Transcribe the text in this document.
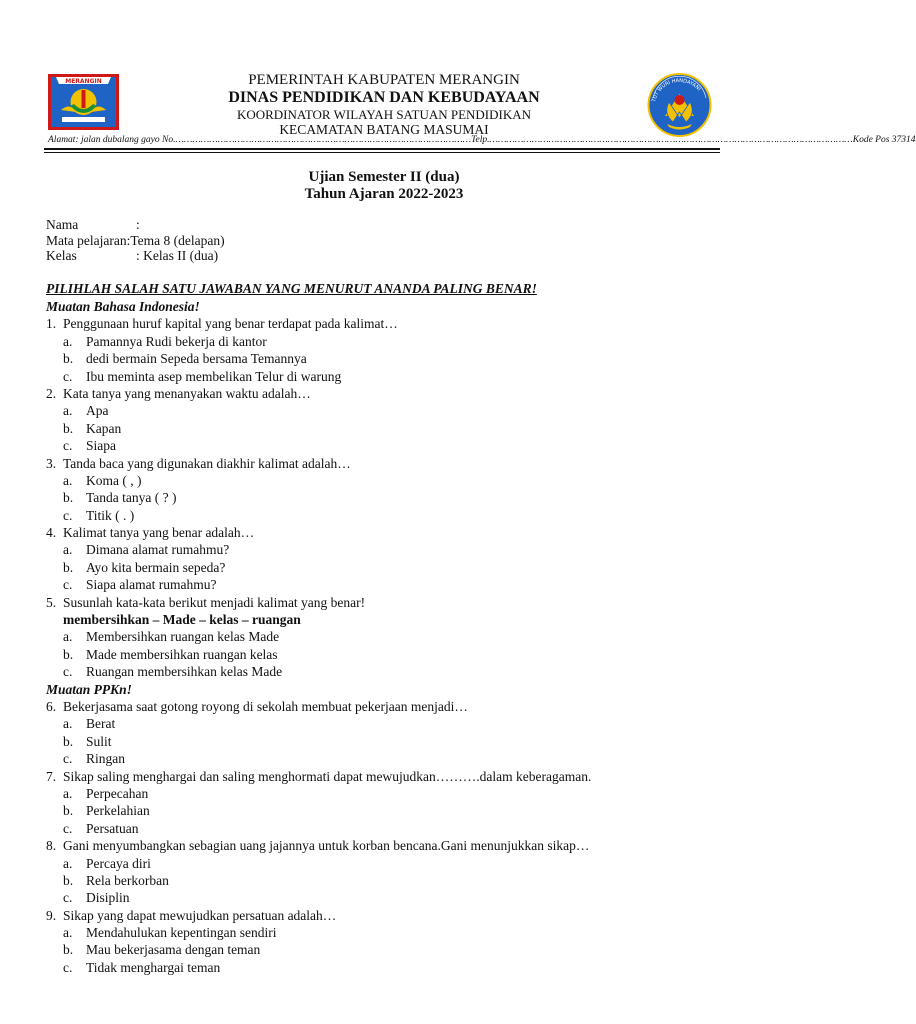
MERANGIN	PEMERINTAH KABUPATEN MERANGIN
DINAS PENDIDIKAN DAN KEBUDAYAAN
KOORDINATOR WILAYAH SATUAN PENDIDIKAN
KECAMATAN BATANG MASUMAI
TUT WURI HANDAYANI
Alamat: jalan dubalang gayo No. …………………………………………………………………………………………… Telp. ………………………………………………………………………………………………………………… Kode Pos 37314
Ujian Semester II (dua)
Tahun Ajaran 2022-2023
Nama	:
Mata pelajaran: Tema 8 (delapan)
Kelas	: Kelas II (dua)
PILIHLAH SALAH SATU JAWABAN YANG MENURUT ANANDA PALING BENAR!
Muatan Bahasa Indonesia!
1. Penggunaan huruf kapital yang benar terdapat pada kalimat…
a.	Pamannya Rudi bekerja di kantor
b. dedi bermain Sepeda bersama Temannya
c.	Ibu meminta asep membelikan Telur di warung
2. Kata tanya yang menanyakan waktu adalah…
a.	Apa
b. Kapan
c.	Siapa
3. Tanda baca yang digunakan diakhir kalimat adalah…
a.	Koma ( , )
b. Tanda tanya ( ? )
c.	Titik ( . )
4. Kalimat tanya yang benar adalah…
a.	Dimana alamat rumahmu?
b. Ayo kita bermain sepeda?
c.	Siapa alamat rumahmu?
5. Susunlah kata-kata berikut menjadi kalimat yang benar!
membersihkan – Made – kelas – ruangan
a.	Membersihkan ruangan kelas Made
b. Made membersihkan ruangan kelas
c.	Ruangan membersihkan kelas Made
Muatan PPKn!
6. Bekerjasama saat gotong royong di sekolah membuat pekerjaan menjadi…
a.	Berat
b. Sulit
c.	Ringan
7. Sikap saling menghargai dan saling menghormati dapat mewujudkan……….dalam keberagaman.
a.	Perpecahan
b. Perkelahian
c.	Persatuan
8. Gani menyumbangkan sebagian uang jajannya untuk korban bencana.Gani menunjukkan sikap…
a.	Percaya diri
b. Rela berkorban
c.	Disiplin
9. Sikap yang dapat mewujudkan persatuan adalah…
a.	Mendahulukan kepentingan sendiri
b. Mau bekerjasama dengan teman
c.	Tidak menghargai teman
